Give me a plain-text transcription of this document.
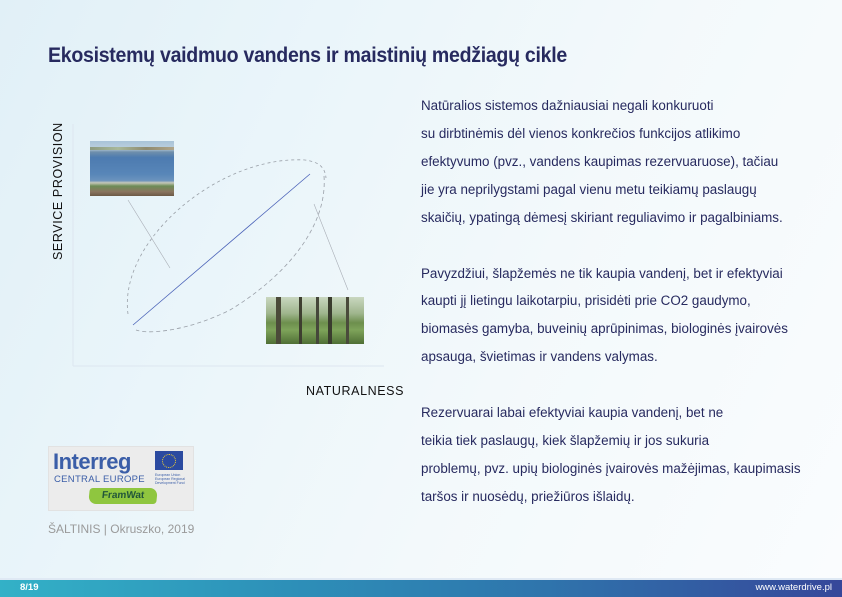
Ekosistemų vaidmuo vandens ir maistinių medžiagų cikle
SERVICE PROVISION
NATURALNESS
Interreg
CENTRAL EUROPE	European Union European Regional Development Fund
FramWat
ŠALTINIS | Okruszko, 2019

Natūralios sistemos dažniausiai negali konkuruoti
su dirbtinėmis dėl vienos konkrečios funkcijos atlikimo
efektyvumo (pvz., vandens kaupimas rezervuaruose), tačiau
jie yra neprilygstami pagal vienu metu teikiamų paslaugų
skaičių, ypatingą dėmesį skiriant reguliavimo ir pagalbiniams.

Pavyzdžiui, šlapžemės ne tik kaupia vandenį, bet ir efektyviai
kaupti jį lietingu laikotarpiu, prisidėti prie CO2 gaudymo,
biomasės gamyba, buveinių aprūpinimas, biologinės įvairovės
apsauga, švietimas ir vandens valymas.

Rezervuarai labai efektyviai kaupia vandenį, bet ne
teikia tiek paslaugų, kiek šlapžemių ir jos sukuria
problemų, pvz. upių biologinės įvairovės mažėjimas, kaupimasis
taršos ir nuosėdų, priežiūros išlaidų.

8/19	www.waterdrive.pl
